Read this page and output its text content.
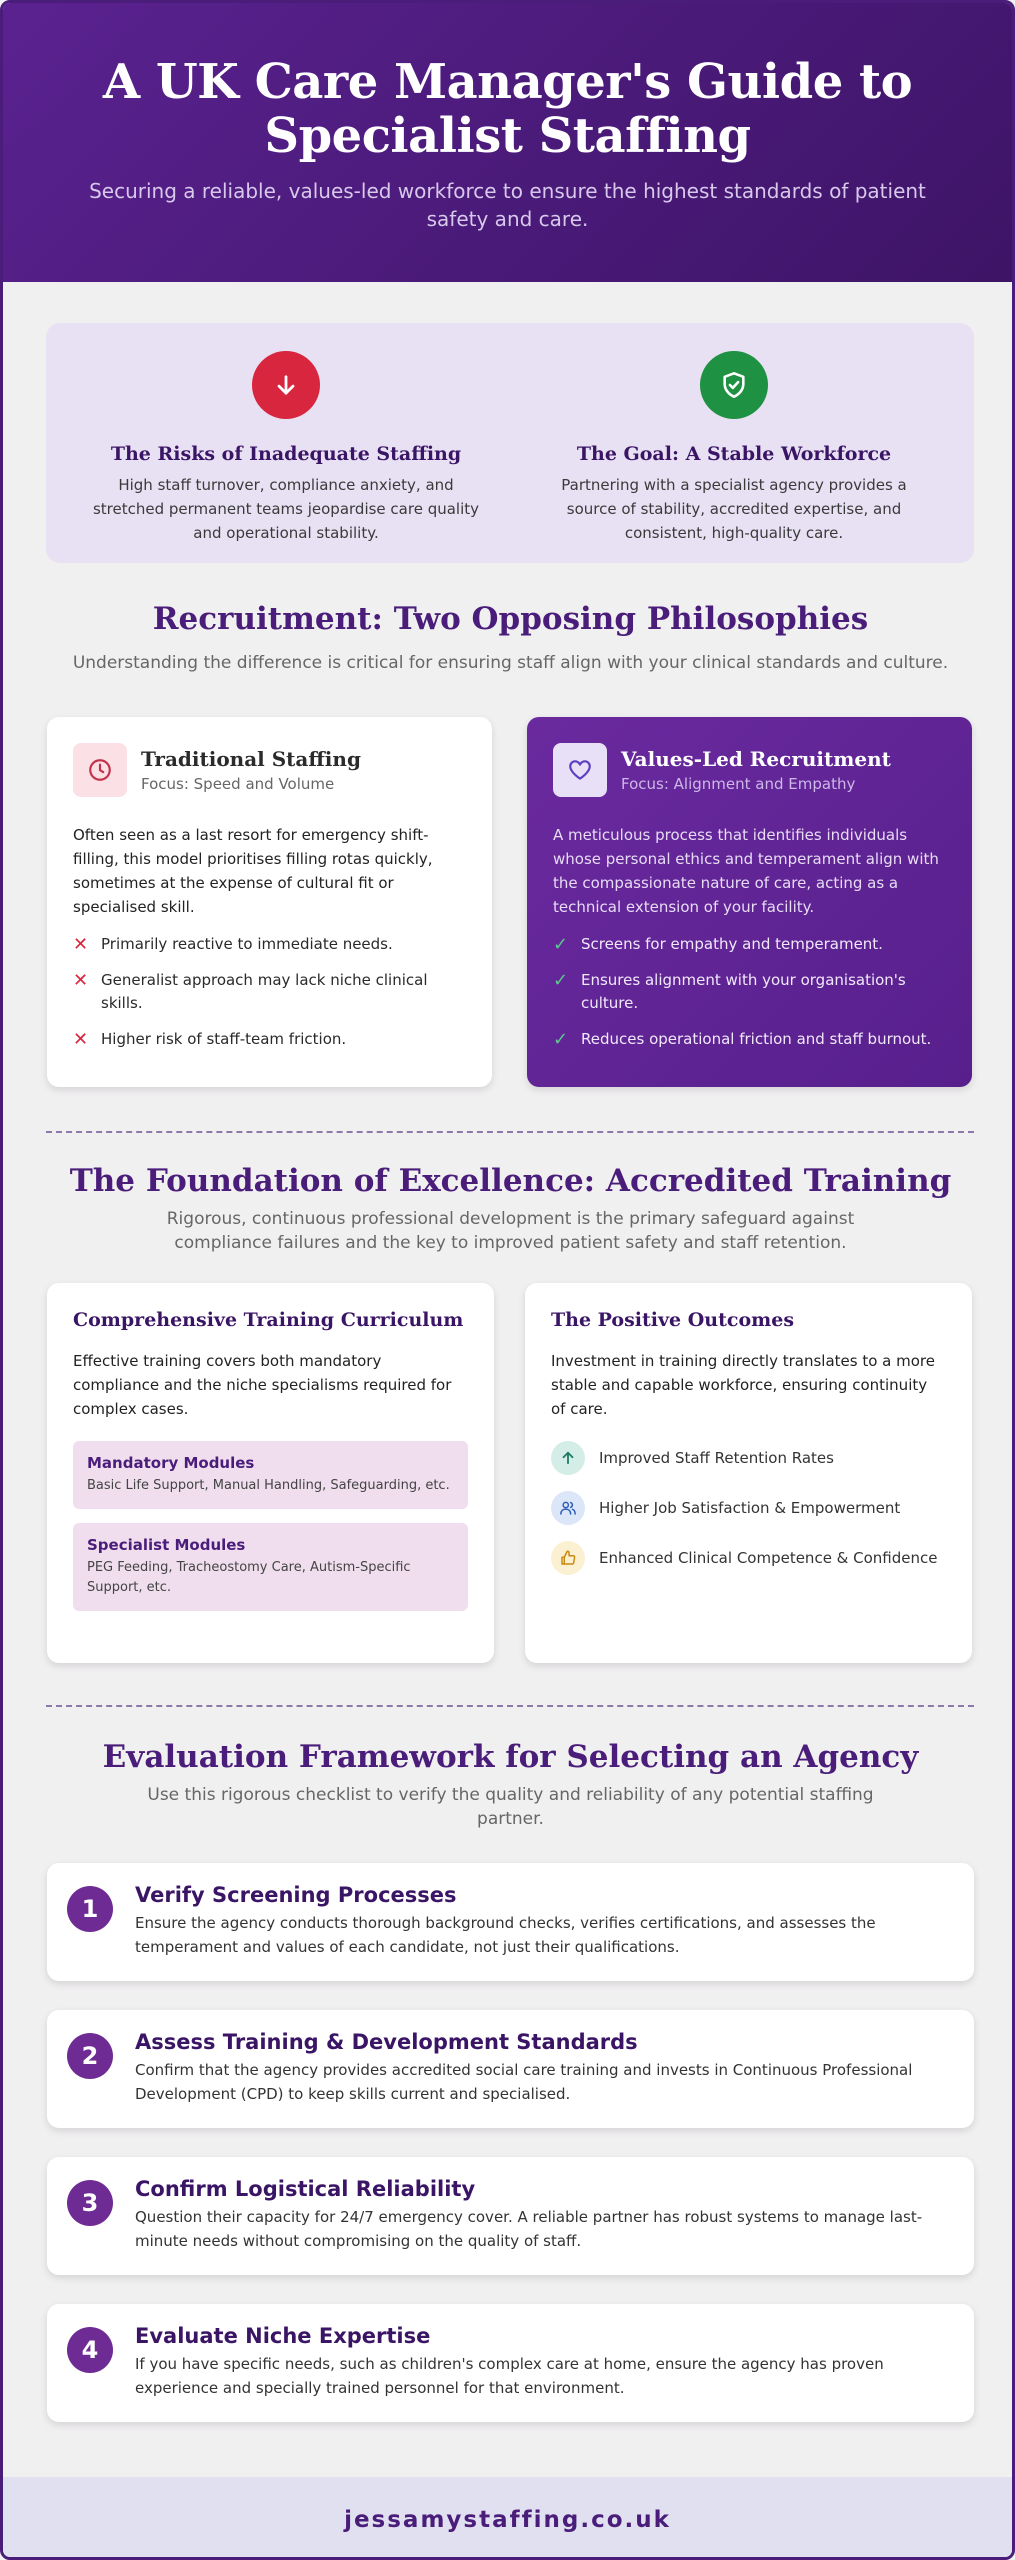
A UK Care Manager's Guide to Specialist Staffing

Securing a reliable, values-led workforce to ensure the highest standards of patient safety and care.

The Risks of Inadequate Staffing

High staff turnover, compliance anxiety, and stretched permanent teams jeopardise care quality and operational stability.

The Goal: A Stable Workforce

Partnering with a specialist agency provides a source of stability, accredited expertise, and consistent, high-quality care.

Recruitment: Two Opposing Philosophies

Understanding the difference is critical for ensuring staff align with your clinical standards and culture.

Traditional Staffing
Focus: Speed and Volume

Often seen as a last resort for emergency shift-filling, this model prioritises filling rotas quickly, sometimes at the expense of cultural fit or specialised skill.

✕ Primarily reactive to immediate needs.
✕ Generalist approach may lack niche clinical skills.
✕ Higher risk of staff-team friction.
Values-Led Recruitment
Focus: Alignment and Empathy

A meticulous process that identifies individuals whose personal ethics and temperament align with the compassionate nature of care, acting as a technical extension of your facility.

✓ Screens for empathy and temperament.
✓ Ensures alignment with your organisation's culture.
✓ Reduces operational friction and staff burnout.
The Foundation of Excellence: Accredited Training

Rigorous, continuous professional development is the primary safeguard against compliance failures and the key to improved patient safety and staff retention.

Comprehensive Training Curriculum

Effective training covers both mandatory compliance and the niche specialisms required for complex cases.

Mandatory Modules
Basic Life Support, Manual Handling, Safeguarding, etc.
Specialist Modules
PEG Feeding, Tracheostomy Care, Autism-Specific Support, etc.
The Positive Outcomes

Investment in training directly translates to a more stable and capable workforce, ensuring continuity of care.

Improved Staff Retention Rates
Higher Job Satisfaction & Empowerment
Enhanced Clinical Competence & Confidence
Evaluation Framework for Selecting an Agency

Use this rigorous checklist to verify the quality and reliability of any potential staffing partner.

1	Verify Screening Processes

Ensure the agency conducts thorough background checks, verifies certifications, and assesses the temperament and values of each candidate, not just their qualifications.

2	Assess Training & Development Standards

Confirm that the agency provides accredited social care training and invests in Continuous Professional Development (CPD) to keep skills current and specialised.

3	Confirm Logistical Reliability

Question their capacity for 24/7 emergency cover. A reliable partner has robust systems to manage last-minute needs without compromising on the quality of staff.

4	Evaluate Niche Expertise

If you have specific needs, such as children's complex care at home, ensure the agency has proven experience and specially trained personnel for that environment.

jessamystaffing.co.uk
